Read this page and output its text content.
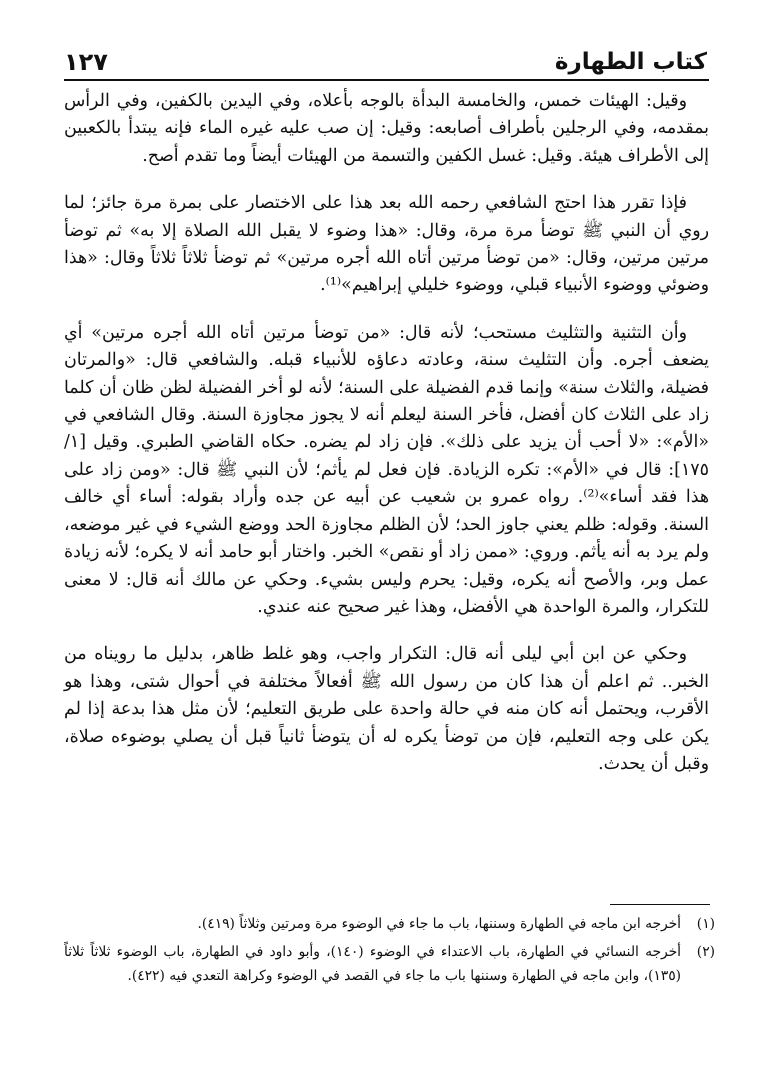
كتاب الطهارة
١٢٧

وقيل: الهيئات خمس، والخامسة البدأة بالوجه بأعلاه، وفي اليدين بالكفين، وفي الرأس بمقدمه، وفي الرجلين بأطراف أصابعه: وقيل: إن صب عليه غيره الماء فإنه يبتدأ بالكعبين إلى الأطراف هيئة. وقيل: غسل الكفين والتسمة من الهيئات أيضاً وما تقدم أصح.

فإذا تقرر هذا احتج الشافعي رحمه الله بعد هذا على الاختصار على بمرة مرة جائز؛ لما روي أن النبي ﷺ توضأ مرة مرة، وقال: «هذا وضوء لا يقبل الله الصلاة إلا به» ثم توضأ مرتين مرتين، وقال: «من توضأ مرتين أتاه الله أجره مرتين» ثم توضأ ثلاثاً ثلاثاً وقال: «هذا وضوئي ووضوء الأنبياء قبلي، ووضوء خليلي إبراهيم»⁽¹⁾.

وأن التثنية والتثليث مستحب؛ لأنه قال: «من توضأ مرتين أتاه الله أجره مرتين» أي يضعف أجره. وأن التثليث سنة، وعادته دعاؤه للأنبياء قبله. والشافعي قال: «والمرتان فضيلة، والثلاث سنة» وإنما قدم الفضيلة على السنة؛ لأنه لو أخر الفضيلة لظن ظان أن كلما زاد على الثلاث كان أفضل، فأخر السنة ليعلم أنه لا يجوز مجاوزة السنة. وقال الشافعي في «الأم»: «لا أحب أن يزيد على ذلك». فإن زاد لم يضره. حكاه القاضي الطبري. وقيل [١/ ١٧٥]: قال في «الأم»: تكره الزيادة. فإن فعل لم يأثم؛ لأن النبي ﷺ قال: «ومن زاد على هذا فقد أساء»⁽²⁾. رواه عمرو بن شعيب عن أبيه عن جده وأراد بقوله: أساء أي خالف السنة. وقوله: ظلم يعني جاوز الحد؛ لأن الظلم مجاوزة الحد ووضع الشيء في غير موضعه، ولم يرد به أنه يأثم. وروي: «ممن زاد أو نقص» الخبر. واختار أبو حامد أنه لا يكره؛ لأنه زيادة عمل وبر، والأصح أنه يكره، وقيل: يحرم وليس بشيء. وحكي عن مالك أنه قال: لا معنى للتكرار، والمرة الواحدة هي الأفضل، وهذا غير صحيح عنه عندي.

وحكي عن ابن أبي ليلى أنه قال: التكرار واجب، وهو غلط ظاهر، بدليل ما رويناه من الخبر.. ثم اعلم أن هذا كان من رسول الله ﷺ أفعالاً مختلفة في أحوال شتى، وهذا هو الأقرب، ويحتمل أنه كان منه في حالة واحدة على طريق التعليم؛ لأن مثل هذا بدعة إذا لم يكن على وجه التعليم، فإن من توضأ يكره له أن يتوضأ ثانياً قبل أن يصلي بوضوءه صلاة، وقبل أن يحدث.

(١)
أخرجه ابن ماجه في الطهارة وسننها، باب ما جاء في الوضوء مرة ومرتين وثلاثاً (٤١٩).
(٢)
أخرجه النسائي في الطهارة، باب الاعتداء في الوضوء (١٤٠)، وأبو داود في الطهارة، باب الوضوء ثلاثاً ثلاثاً (١٣٥)، وابن ماجه في الطهارة وسننها باب ما جاء في القصد في الوضوء وكراهة التعدي فيه (٤٢٢).
